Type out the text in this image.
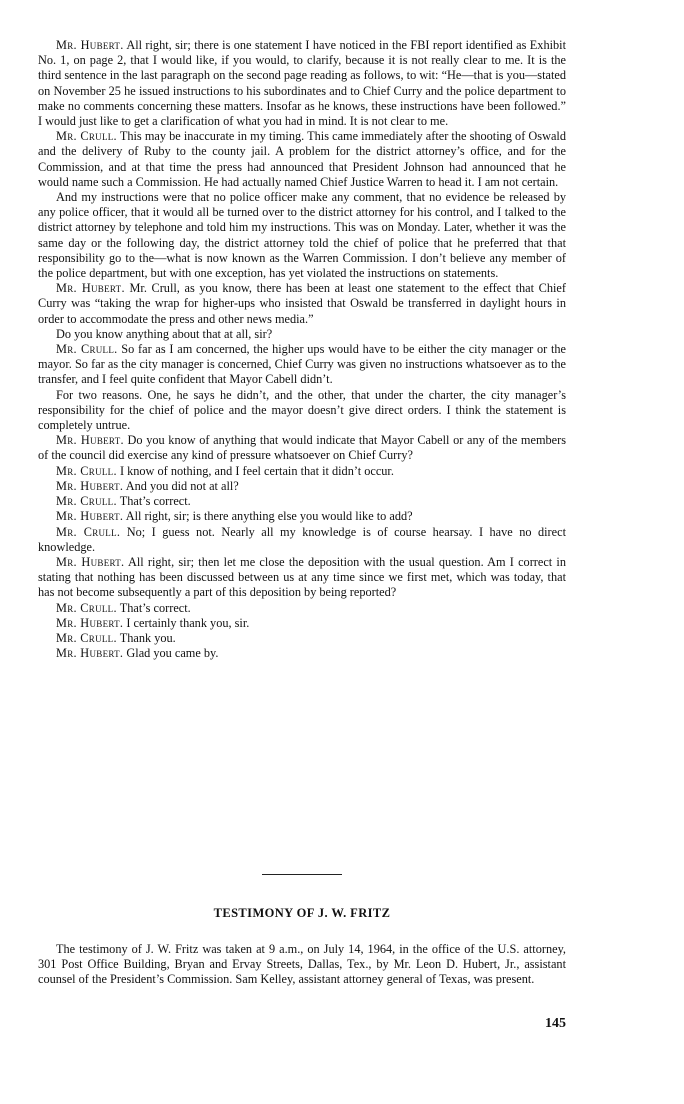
Mr. Hubert. All right, sir; there is one statement I have noticed in the FBI report identified as Exhibit No. 1, on page 2, that I would like, if you would, to clarify, because it is not really clear to me. It is the third sentence in the last paragraph on the second page reading as follows, to wit: “He—that is you—stated on November 25 he issued instructions to his subordinates and to Chief Curry and the police department to make no comments concerning these matters. Insofar as he knows, these instructions have been followed.” I would just like to get a clarification of what you had in mind. It is not clear to me.

Mr. Crull. This may be inaccurate in my timing. This came immediately after the shooting of Oswald and the delivery of Ruby to the county jail. A problem for the district attorney’s office, and for the Commission, and at that time the press had announced that President Johnson had announced that he would name such a Commission. He had actually named Chief Justice Warren to head it. I am not certain.

And my instructions were that no police officer make any comment, that no evidence be released by any police officer, that it would all be turned over to the district attorney for his control, and I talked to the district attorney by telephone and told him my instructions. This was on Monday. Later, whether it was the same day or the following day, the district attorney told the chief of police that he preferred that that responsibility go to the—what is now known as the Warren Commission. I don’t believe any member of the police department, but with one exception, has yet violated the instructions on statements.

Mr. Hubert. Mr. Crull, as you know, there has been at least one statement to the effect that Chief Curry was “taking the wrap for higher-ups who insisted that Oswald be transferred in daylight hours in order to accommodate the press and other news media.”

Do you know anything about that at all, sir?

Mr. Crull. So far as I am concerned, the higher ups would have to be either the city manager or the mayor. So far as the city manager is concerned, Chief Curry was given no instructions whatsoever as to the transfer, and I feel quite confident that Mayor Cabell didn’t.

For two reasons. One, he says he didn’t, and the other, that under the charter, the city manager’s responsibility for the chief of police and the mayor doesn’t give direct orders. I think the statement is completely untrue.

Mr. Hubert. Do you know of anything that would indicate that Mayor Cabell or any of the members of the council did exercise any kind of pressure whatsoever on Chief Curry?

Mr. Crull. I know of nothing, and I feel certain that it didn’t occur.

Mr. Hubert. And you did not at all?

Mr. Crull. That’s correct.

Mr. Hubert. All right, sir; is there anything else you would like to add?

Mr. Crull. No; I guess not. Nearly all my knowledge is of course hearsay. I have no direct knowledge.

Mr. Hubert. All right, sir; then let me close the deposition with the usual question. Am I correct in stating that nothing has been discussed between us at any time since we first met, which was today, that has not become subsequently a part of this deposition by being reported?

Mr. Crull. That’s correct.

Mr. Hubert. I certainly thank you, sir.

Mr. Crull. Thank you.

Mr. Hubert. Glad you came by.

TESTIMONY OF J. W. FRITZ

The testimony of J. W. Fritz was taken at 9 a.m., on July 14, 1964, in the office of the U.S. attorney, 301 Post Office Building, Bryan and Ervay Streets, Dallas, Tex., by Mr. Leon D. Hubert, Jr., assistant counsel of the President’s Commission. Sam Kelley, assistant attorney general of Texas, was present.

145
